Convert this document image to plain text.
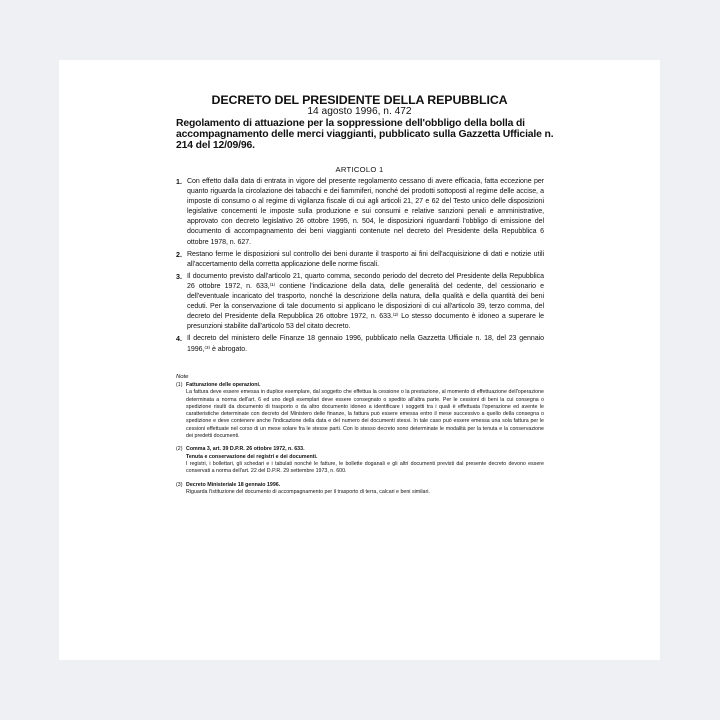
DECRETO DEL PRESIDENTE DELLA REPUBBLICA
14 agosto 1996, n. 472
Regolamento di attuazione per la soppressione dell'obbligo della bolla di accompagnamento delle merci viaggianti, pubblicato sulla Gazzetta Ufficiale n. 214 del 12/09/96.
ARTICOLO 1
1. Con effetto dalla data di entrata in vigore del presente regolamento cessano di avere efficacia, fatta eccezione per quanto riguarda la circolazione dei tabacchi e dei fiammiferi, nonché dei prodotti sottoposti al regime delle accise, a imposte di consumo o al regime di vigilanza fiscale di cui agli articoli 21, 27 e 62 del Testo unico delle disposizioni legislative concernenti le imposte sulla produzione e sui consumi e relative sanzioni penali e amministrative, approvato con decreto legislativo 26 ottobre 1995, n. 504, le disposizioni riguardanti l'obbligo di emissione del documento di accompagnamento dei beni viaggianti contenute nel decreto del Presidente della Repubblica 6 ottobre 1978, n. 627.
2. Restano ferme le disposizioni sul controllo dei beni durante il trasporto ai fini dell'acquisizione di dati e notizie utili all'accertamento della corretta applicazione delle norme fiscali.
3. Il documento previsto dall'articolo 21, quarto comma, secondo periodo del decreto del Presidente della Repubblica 26 ottobre 1972, n. 633,⁽¹⁾ contiene l'indicazione della data, delle generalità del cedente, del cessionario e dell'eventuale incaricato del trasporto, nonché la descrizione della natura, della qualità e della quantità dei beni ceduti. Per la conservazione di tale documento si applicano le disposizioni di cui all'articolo 39, terzo comma, del decreto del Presidente della Repubblica 26 ottobre 1972, n. 633.⁽²⁾ Lo stesso documento è idoneo a superare le presunzioni stabilite dall'articolo 53 del citato decreto.
4. Il decreto del ministero delle Finanze 18 gennaio 1996, pubblicato nella Gazzetta Ufficiale n. 18, del 23 gennaio 1996,⁽³⁾ è abrogato.
Note
(1) Fatturazione delle operazioni.
La fattura deve essere emessa in duplice esemplare, dal soggetto che effettua la cessione o la prestazione, al momento di effettuazione dell'operazione determinata a norma dell'art. 6 ed uno degli esemplari deve essere consegnato o spedito all'altra parte. Per le cessioni di beni la cui consegna o spedizione risulti da documento di trasporto o da altro documento idoneo a identificare i soggetti tra i quali è effettuata l'operazione ed avente le caratteristiche determinate con decreto del Ministero delle finanze, la fattura può essere emessa entro il mese successivo a quello della consegna o spedizione e deve contenere anche l'indicazione della data e del numero dei documenti stessi. In tale caso può essere emessa una sola fattura per le cessioni effettuate nel corso di un mese solare fra le stesse parti. Con lo stesso decreto sono determinate le modalità per la tenuta e la conservazione dei predetti documenti.
(2) Comma 3, art. 39 D.P.R. 26 ottobre 1972, n. 633.
Tenuta e conservazione dei registri e dei documenti.
I registri, i bollettari, gli schedari e i tabulati nonché le fatture, le bollette doganali e gli altri documenti previsti dal presente decreto devono essere conservati a norma dell'art. 22 del D.P.R. 29 settembre 1973, n. 600.
(3) Decreto Ministeriale 18 gennaio 1996.
Riguarda l'istituzione del documento di accompagnamento per il trasporto di terra, calcari e beni similari.
